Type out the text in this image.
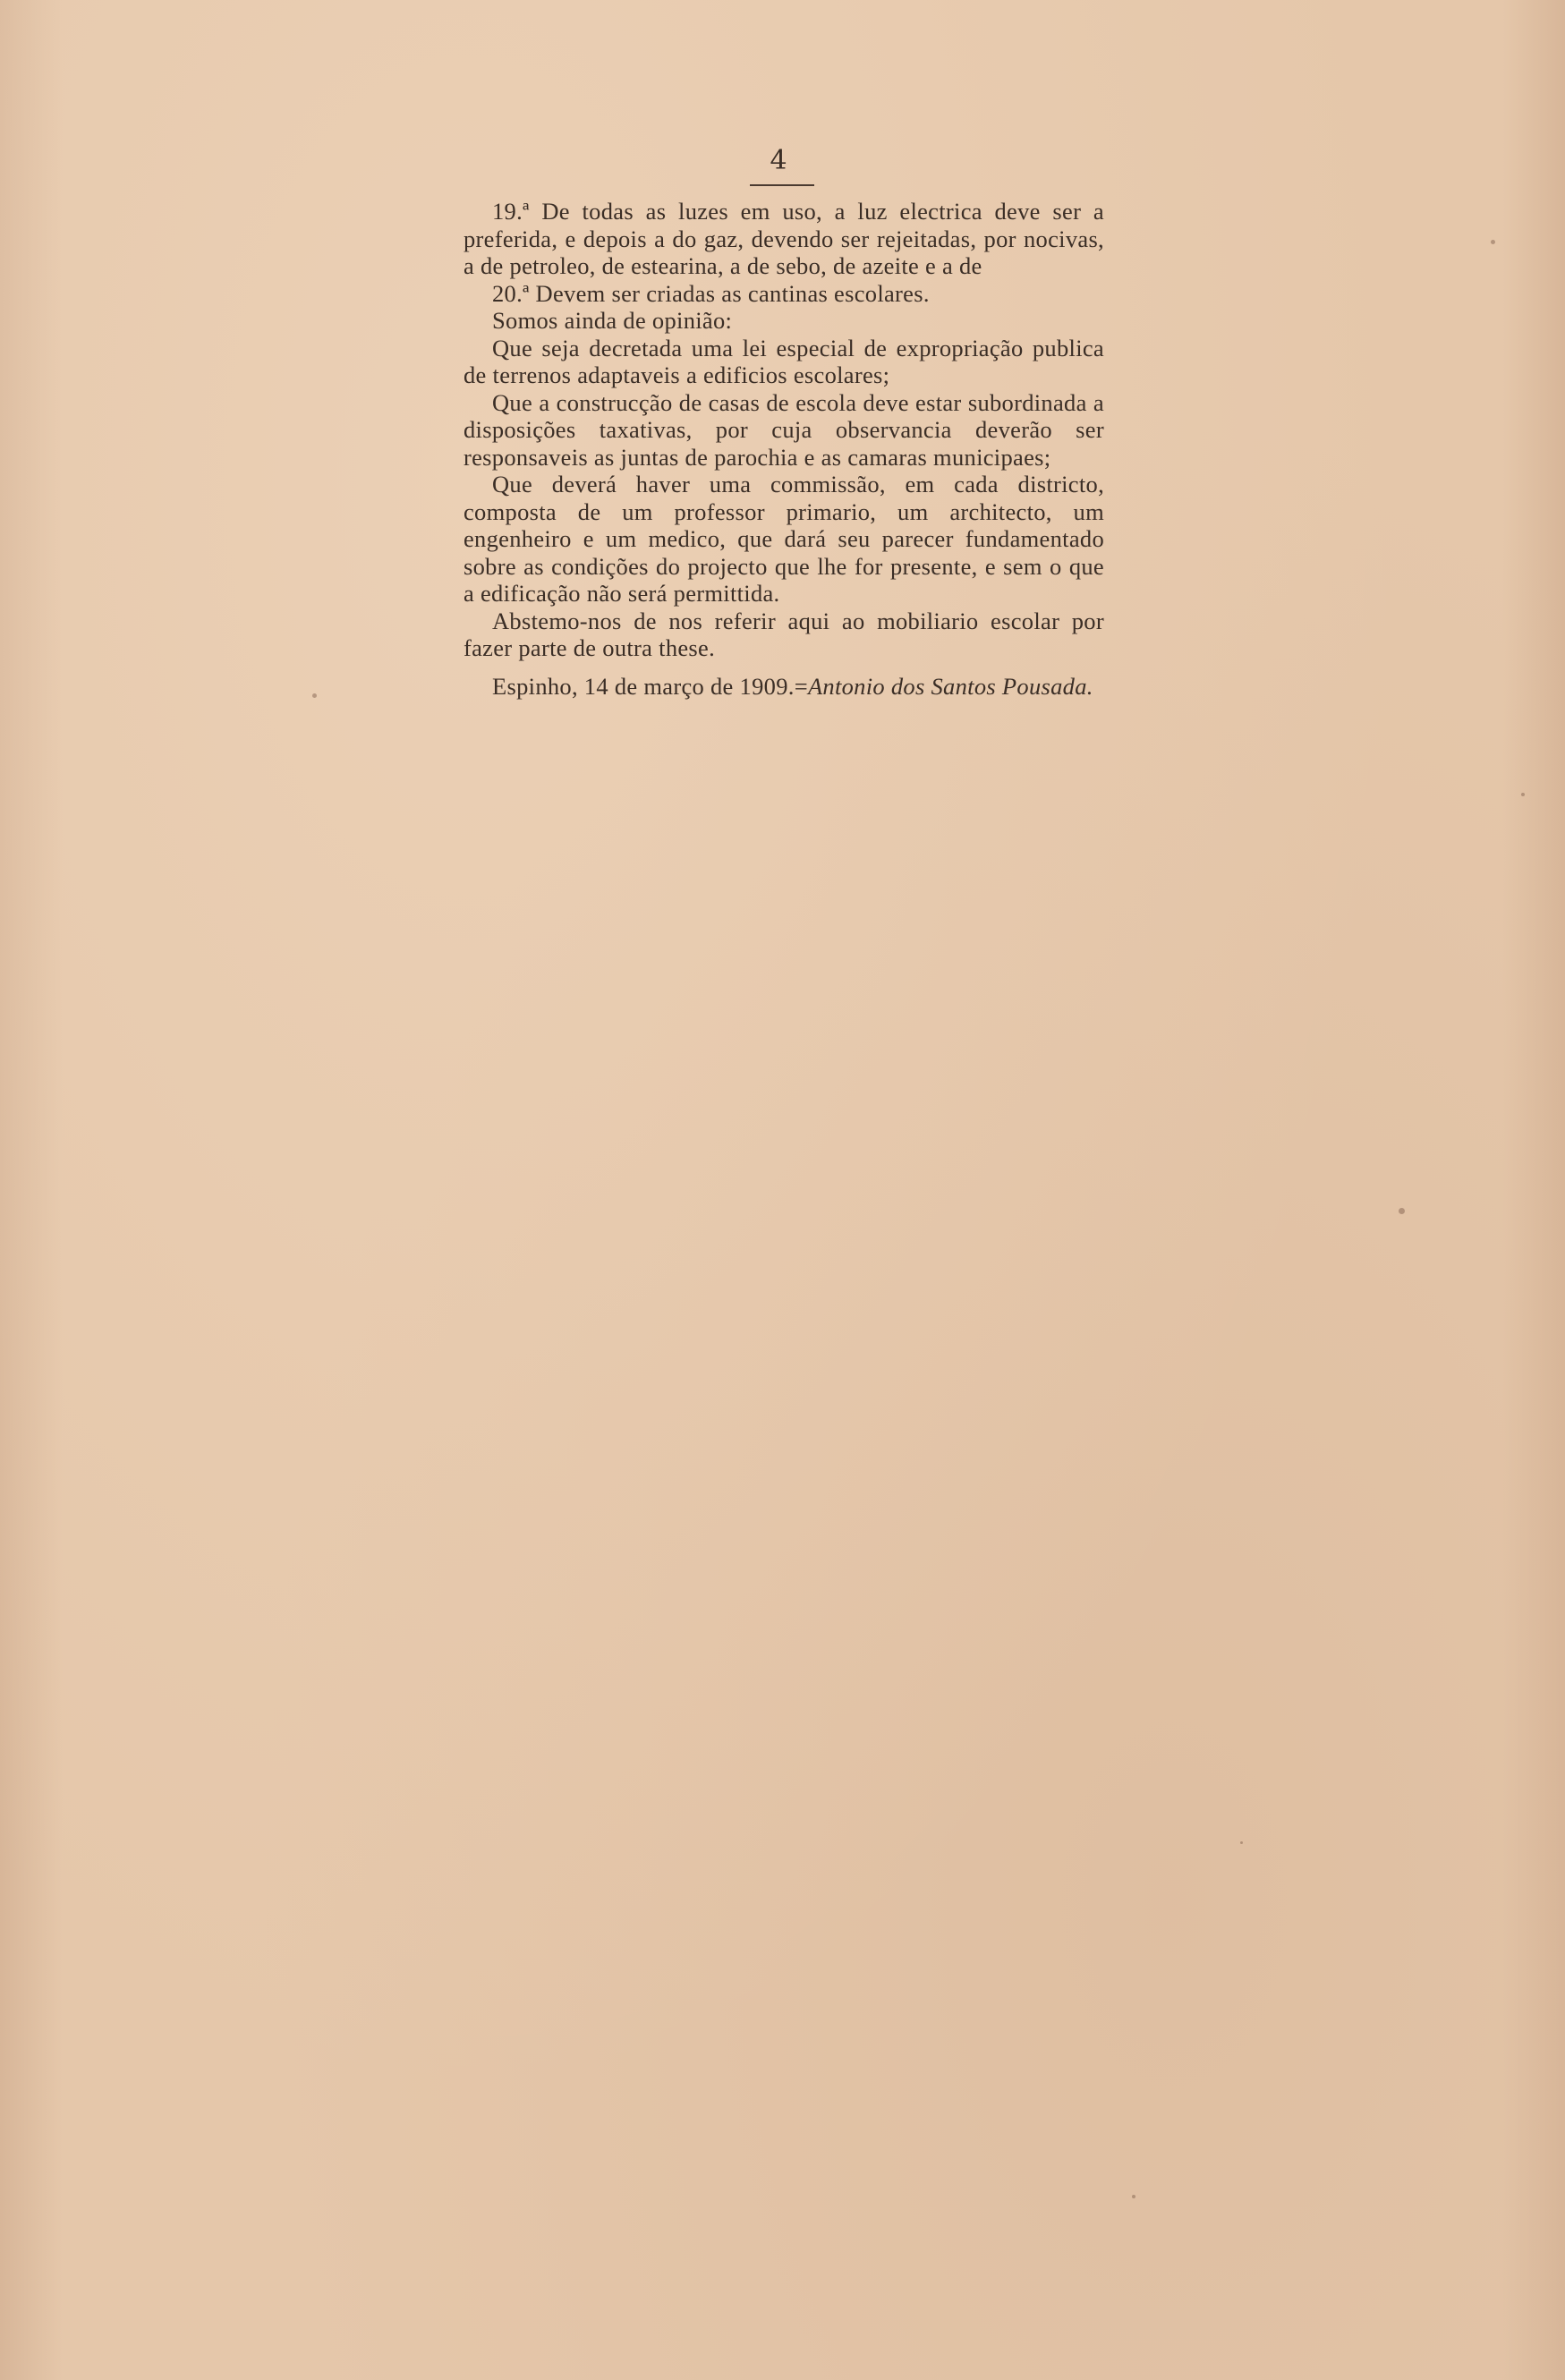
4

19.ª De todas as luzes em uso, a luz electrica deve ser a preferida, e depois a do gaz, devendo ser rejeitadas, por nocivas, a de petroleo, de estearina, a de sebo, de azeite e a de

20.ª Devem ser criadas as cantinas escolares.

Somos ainda de opinião:

Que seja decretada uma lei especial de expropriação publica de terrenos adaptaveis a edificios escolares;

Que a construcção de casas de escola deve estar subordinada a disposições taxativas, por cuja observancia deverão ser responsaveis as juntas de parochia e as camaras municipaes;

Que deverá haver uma commissão, em cada districto, composta de um professor primario, um architecto, um engenheiro e um medico, que dará seu parecer fundamentado sobre as condições do projecto que lhe for presente, e sem o que a edificação não será permittida.

Abstemo-nos de nos referir aqui ao mobiliario escolar por fazer parte de outra these.

Espinho, 14 de março de 1909.=Antonio dos Santos Pousada.
